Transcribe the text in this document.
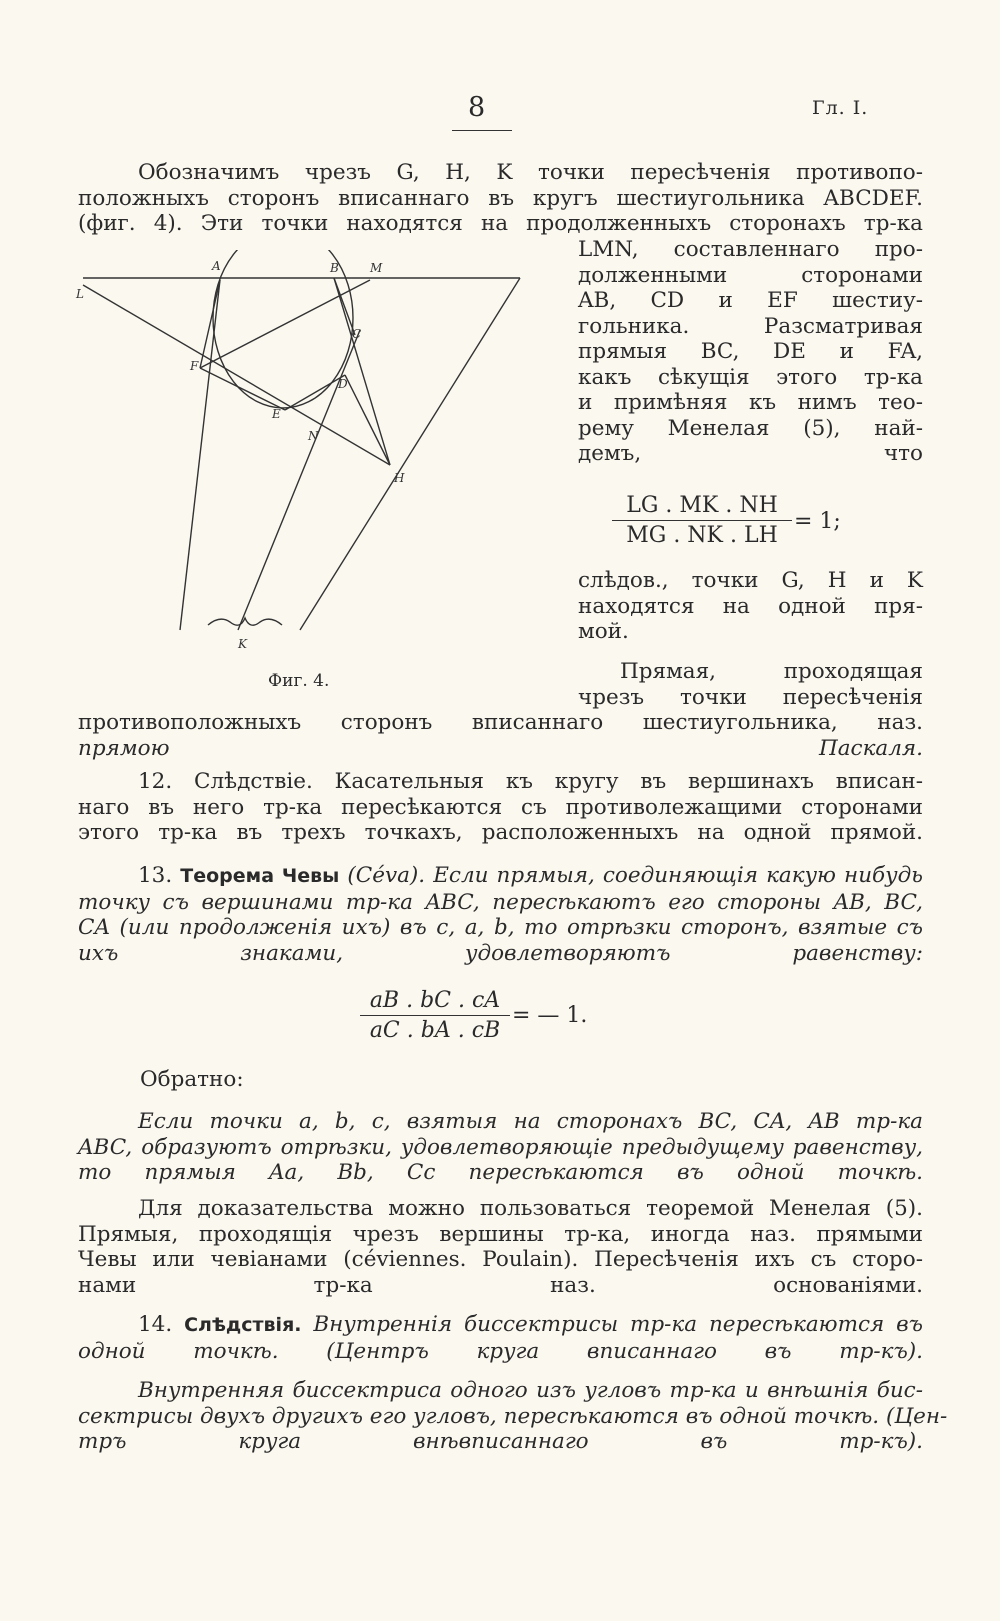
8	Гл. I.
Обозначимъ чрезъ G, H, K точки пересѣченія противопо-
положныхъ сторонъ вписаннаго въ кругъ шестиугольника ABCDEF.
(фиг. 4). Эти точки находятся на продолженныхъ сторонахъ тр-ка
LMN, составленнаго про-
долженными сторонами
AB, CD и EF шестиу-
гольника. Разсматривая
прямыя BC, DE и FA,
какъ сѣкущія этого тр-ка
и примѣняя къ нимъ тео-
рему Менелая (5), най-
демъ, что
$\frac{LG . MK . NH}{MG . NK . LH} = 1$;
слѣдов., точки G, H и K
находятся на одной пря-
мой.
Прямая, проходящая
чрезъ точки пересѣченія
противоположныхъ сторонъ вписаннаго шестиугольника, наз.
прямою Паскаля.
A	B	M
L
C
F
D
E
N
H
K
Фиг. 4.
12. Слѣдствіе. Касательныя къ кругу въ вершинахъ вписан-
наго въ него тр-ка пересѣкаются съ противолежащими сторонами
этого тр-ка въ трехъ точкахъ, расположенныхъ на одной прямой.
13. Теорема Чевы (Céva). Если прямыя, соединяющія какую нибудь
точку съ вершинами тр-ка ABC, пересѣкаютъ его стороны AB, BC,
CA (или продолженія ихъ) въ c, a, b, то отрѣзки сторонъ, взятые съ
ихъ знаками, удовлетворяютъ равенству:
$\frac{aB . bC . cA}{aC . bA . cB}$ = — 1.
Обратно:
Если точки a, b, c, взятыя на сторонахъ BC, CA, AB тр-ка
ABC, образуютъ отрѣзки, удовлетворяющіе предыдущему равенству,
то прямыя Aa, Bb, Cc пересѣкаются въ одной точкѣ.
Для доказательства можно пользоваться теоремой Менелая (5).
Прямыя, проходящія чрезъ вершины тр-ка, иногда наз. прямыми
Чевы или чевіанами (céviennes. Poulain). Пересѣченія ихъ съ сторо-
нами тр-ка наз. основаніями.
14. Слѣдствія. Внутреннія биссектрисы тр-ка пересѣкаются въ
одной точкѣ. (Центръ круга вписаннаго въ тр-къ).
Внутренняя биссектриса одного изъ угловъ тр-ка и внѣшнія бис-
сектрисы двухъ другихъ его угловъ, пересѣкаются въ одной точкѣ. (Цен-
тръ круга внѣвписаннаго въ тр-къ).
